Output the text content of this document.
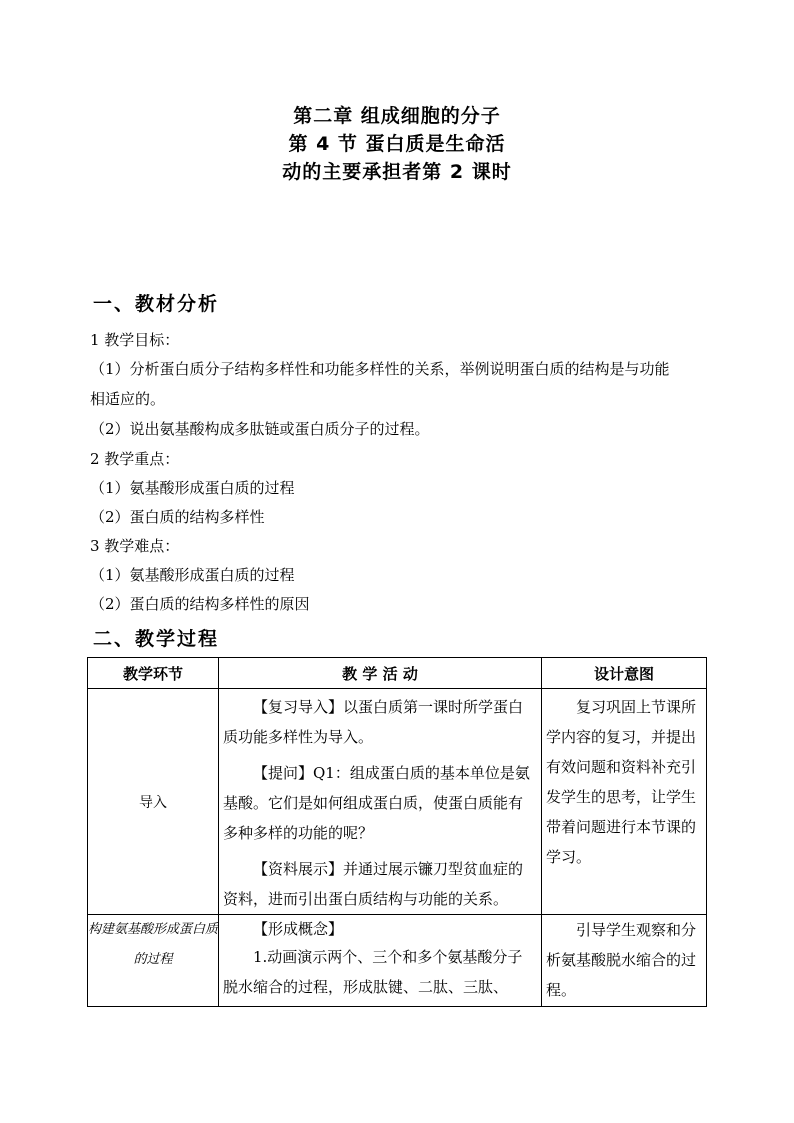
第二章 组成细胞的分子
第 4 节 蛋白质是生命活
动的主要承担者第 2 课时
一、教材分析
1 教学目标：
（1）分析蛋白质分子结构多样性和功能多样性的关系，举例说明蛋白质的结构是与功能
相适应的。
（2）说出氨基酸构成多肽链或蛋白质分子的过程。
2 教学重点：
（1）氨基酸形成蛋白质的过程
（2）蛋白质的结构多样性
3 教学难点：
（1）氨基酸形成蛋白质的过程
（2）蛋白质的结构多样性的原因
二、教学过程
教学环节	教 学 活 动	设计意图
导入	【复习导入】以蛋白质第一课时所学蛋白质功能多样性为导入。

【提问】Q1：组成蛋白质的基本单位是氨基酸。它们是如何组成蛋白质，使蛋白质能有多种多样的功能的呢？

【资料展示】并通过展示镰刀型贫血症的资料，进而引出蛋白质结构与功能的关系。	复习巩固上节课所学内容的复习，并提出有效问题和资料补充引发学生的思考，让学生带着问题进行本节课的学习。

构建氨基酸形成蛋白质的过程	【形成概念】

1.动画演示两个、三个和多个氨基酸分子脱水缩合的过程，形成肽键、二肽、三肽、	引导学生观察和分析氨基酸脱水缩合的过程。
